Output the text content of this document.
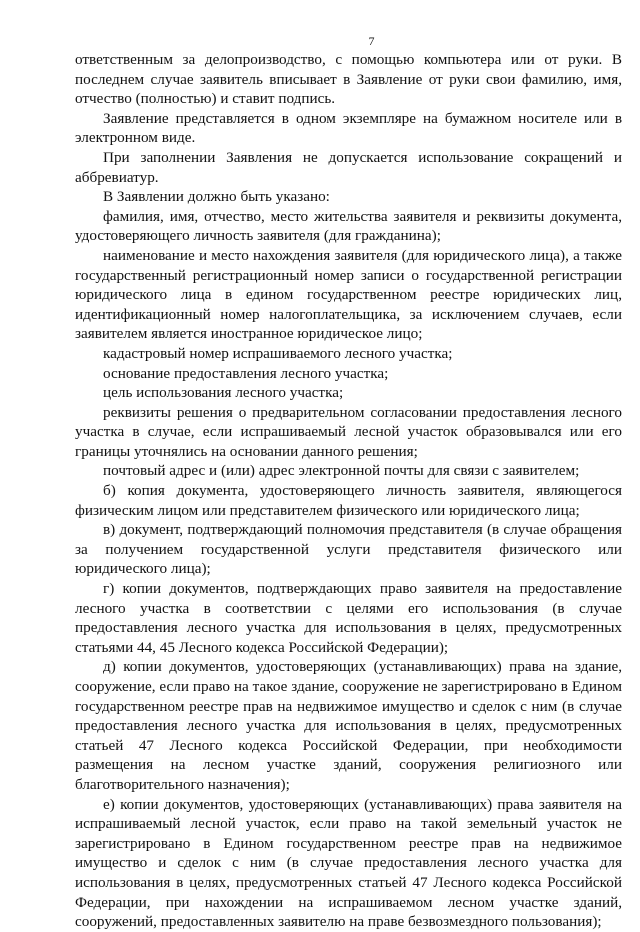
7

ответственным за делопроизводство, с помощью компьютера или от руки. В последнем случае заявитель вписывает в Заявление от руки свои фамилию, имя, отчество (полностью) и ставит подпись.

Заявление представляется в одном экземпляре на бумажном носителе или в электронном виде.

При заполнении Заявления не допускается использование сокращений и аббревиатур.

В Заявлении должно быть указано:

фамилия, имя, отчество, место жительства заявителя и реквизиты документа, удостоверяющего личность заявителя (для гражданина);

наименование и место нахождения заявителя (для юридического лица), а также государственный регистрационный номер записи о государственной регистрации юридического лица в едином государственном реестре юридических лиц, идентификационный номер налогоплательщика, за исключением случаев, если заявителем является иностранное юридическое лицо;

кадастровый номер испрашиваемого лесного участка;

основание предоставления лесного участка;

цель использования лесного участка;

реквизиты решения о предварительном согласовании предоставления лесного участка в случае, если испрашиваемый лесной участок образовывался или его границы уточнялись на основании данного решения;

почтовый адрес и (или) адрес электронной почты для связи с заявителем;

б) копия документа, удостоверяющего личность заявителя, являющегося физическим лицом или представителем физического или юридического лица;

в) документ, подтверждающий полномочия представителя (в случае обращения за получением государственной услуги представителя физического или юридического лица);

г) копии документов, подтверждающих право заявителя на предоставление лесного участка в соответствии с целями его использования (в случае предоставления лесного участка для использования в целях, предусмотренных статьями 44, 45 Лесного кодекса Российской Федерации);

д) копии документов, удостоверяющих (устанавливающих) права на здание, сооружение, если право на такое здание, сооружение не зарегистрировано в Едином государственном реестре прав на недвижимое имущество и сделок с ним (в случае предоставления лесного участка для использования в целях, предусмотренных статьей 47 Лесного кодекса Российской Федерации, при необходимости размещения на лесном участке зданий, сооружения религиозного или благотворительного назначения);

е) копии документов, удостоверяющих (устанавливающих) права заявителя на испрашиваемый лесной участок, если право на такой земельный участок не зарегистрировано в Едином государственном реестре прав на недвижимое имущество и сделок с ним (в случае предоставления лесного участка для использования в целях, предусмотренных статьей 47 Лесного кодекса Российской Федерации, при нахождении на испрашиваемом лесном участке зданий, сооружений, предоставленных заявителю на праве безвозмездного пользования);
